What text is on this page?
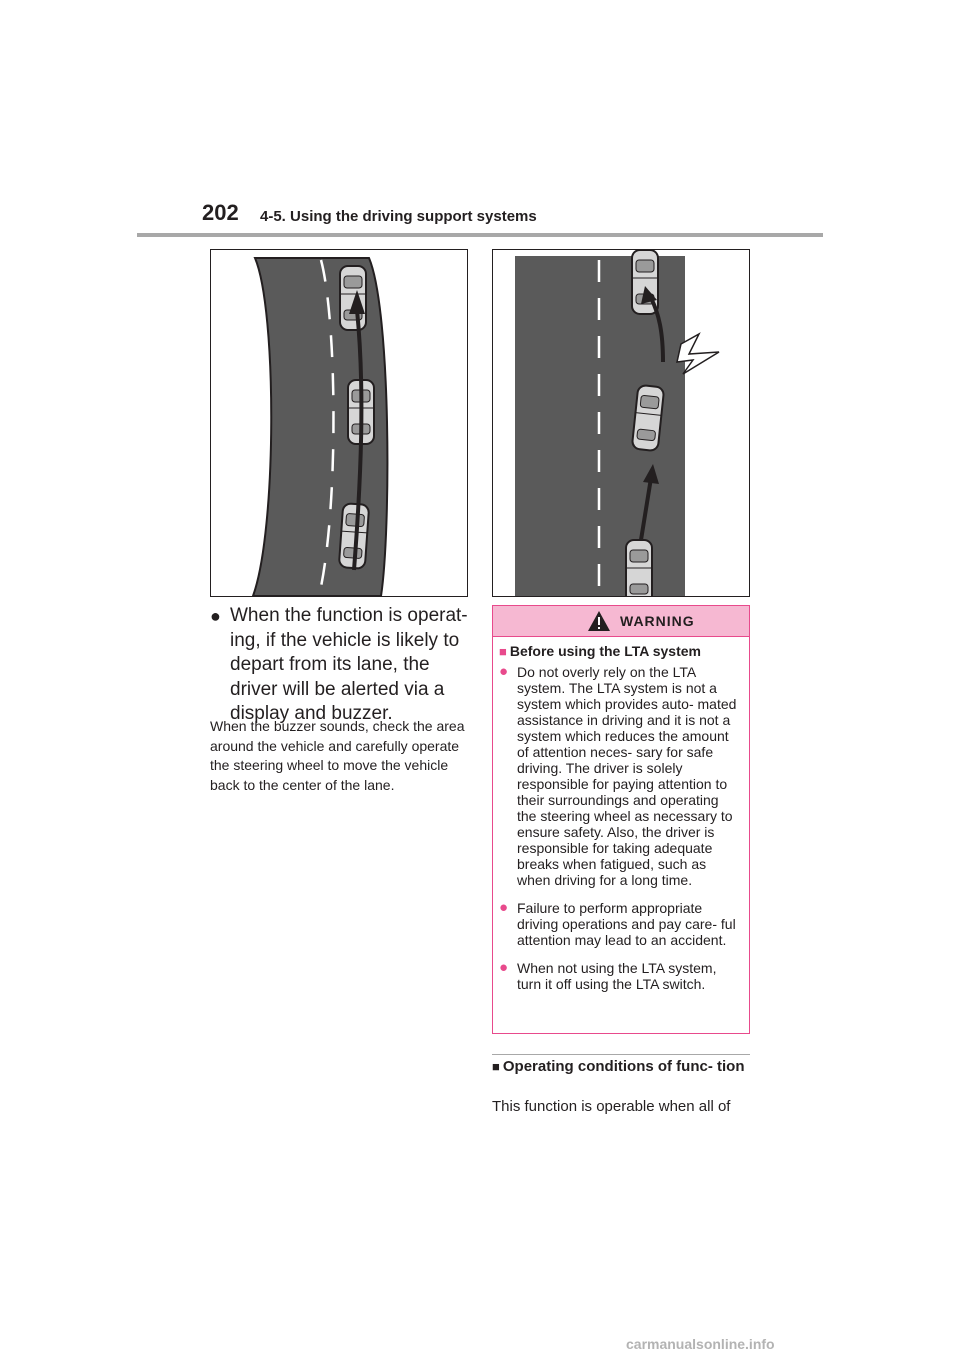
202 4-5. Using the driving support systems
● When the function is operat- ing, if the vehicle is likely to depart from its lane, the driver will be alerted via a display and buzzer.
When the buzzer sounds, check the area around the vehicle and carefully operate the steering wheel to move the vehicle back to the center of the lane.
WARNING
■ Before using the LTA system
● Do not overly rely on the LTA system. The LTA system is not a system which provides auto- mated assistance in driving and it is not a system which reduces the amount of attention neces- sary for safe driving. The driver is solely responsible for paying attention to their surroundings and operating the steering wheel as necessary to ensure safety. Also, the driver is responsible for taking adequate breaks when fatigued, such as when driving for a long time.
● Failure to perform appropriate driving operations and pay care- ful attention may lead to an accident.
● When not using the LTA system, turn it off using the LTA switch.
■ Operating conditions of func- tion
This function is operable when all of
carmanualsonline.info
